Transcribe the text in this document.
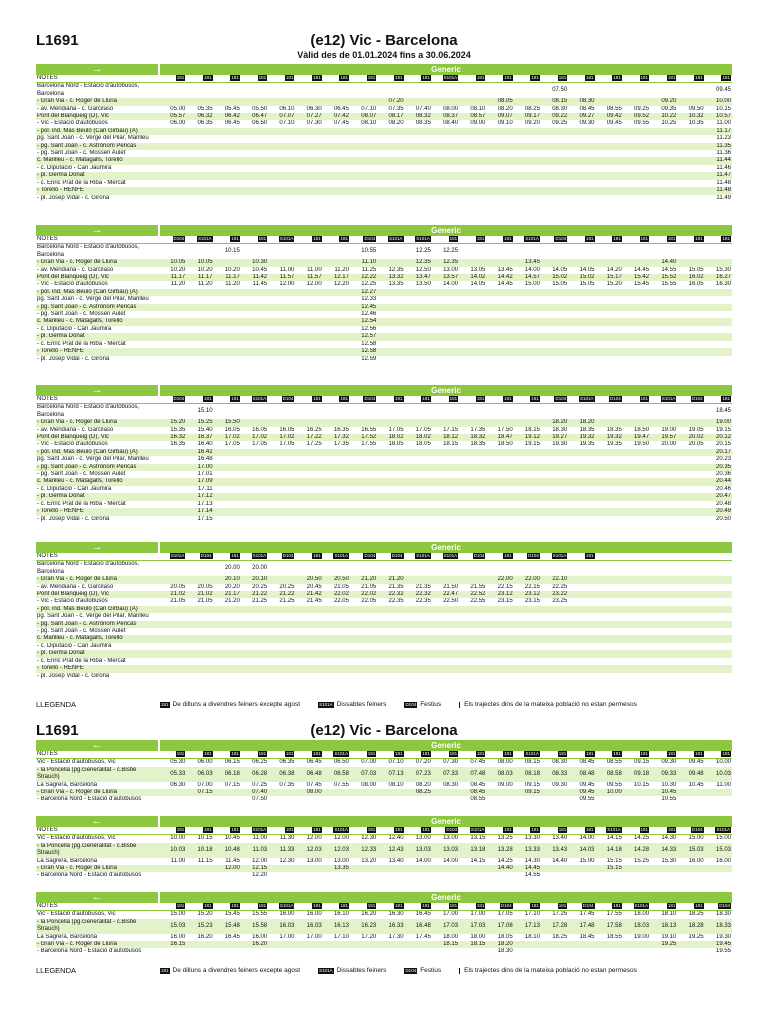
L1691	(e12) Vic - Barcelona
Vàlid des de 01.01.2024 fins a 30.06.2024
→	Generic
NOTES	181	181	181	181	181	181	181	181	181	181	S101A	181	181	181	181	181	181	181	181	181	181
Barcelona Nord - Estació d'autobusos, Barcelona															07.50						09.45
- Gran Via - c. Roger de Llúria									07.20				08.05		08.15	08.30			09.20		10.00
- av. Meridiana - c. Garcilaso	05.00	05.35	05.45	05.50	06.10	06.30	06.45	07.10	07.35	07.40	08.00	08.10	08.20	08.25	08.30	08.45	08.55	09.25	09.35	09.50	10.15
Pont del Blanqueig (D), Vic	05.57	06.32	06.42	06.47	07.07	07.27	07.42	08.07	08.17	08.32	08.37	08.57	09.07	09.17	09.22	09.27	09.42	09.52	10.22	10.32	10.57
- Vic - Estació d'autobusos	06.00	06.35	06.45	06.50	07.10	07.30	07.45	08.10	08.20	08.35	08.40	09.00	09.10	09.20	09.25	09.30	09.45	09.55	10.25	10.35	11.00
- pol. ind. Mas Beuló (Can Girbau) (A)																					11.17
pg. Sant Joan - c. Verge del Pilar, Manlleu																					11.23
- pg. Sant Joan - c. Astrònom Pericàs																					11.35
- pg. Sant Joan - c. Mossèn Aulet																					11.36
c. Manlleu - c. Matagalls, Torelló																					11.44
- c. Diputació - Can Jaumira																					11.46
- pl. Germà Donat																					11.47
- c. Enric Prat de la Riba - Mercat																					11.48
- Torelló - RENFE																					11.48
- pl. Josep Vidal - c. Girona																					11.49
→	Generic
NOTES	D104	S101A	181	181	S101A	181	181	D104	S101A	S101A	181	181	181	S101A	D104	181	181	181	181	181	181
Barcelona Nord - Estació d'autobusos, Barcelona			10.15					10.55		12.25	12.25										
- Gran Via - c. Roger de Llúria	10.05	10.05		10.30				11.10		12.35	12.35			13.45					14.40		
- av. Meridiana - c. Garcilaso	10.20	10.20	10.20	10.45	11.00	11.00	11.20	11.25	12.35	12.50	13.00	13.05	13.45	14.00	14.05	14.05	14.20	14.45	14.55	15.05	15.30
Pont del Blanqueig (D), Vic	11.17	11.17	11.17	11.42	11.57	11.57	12.17	12.22	13.32	13.47	13.57	14.02	14.42	14.57	15.02	15.02	15.17	15.42	15.52	16.02	16.27
- Vic - Estació d'autobusos	11.20	11.20	11.20	11.45	12.00	12.00	12.20	12.25	13.35	13.50	14.00	14.05	14.45	15.00	15.05	15.05	15.20	15.45	15.55	16.05	16.30
- pol. ind. Mas Beuló (Can Girbau) (A)								12.27													
pg. Sant Joan - c. Verge del Pilar, Manlleu								12.33													
- pg. Sant Joan - c. Astrònom Pericàs								12.45													
- pg. Sant Joan - c. Mossèn Aulet								12.46													
c. Manlleu - c. Matagalls, Torelló								12.54													
- c. Diputació - Can Jaumira								12.56													
- pl. Germà Donat								12.57													
- c. Enric Prat de la Riba - Mercat								12.58													
- Torelló - RENFE								12.58													
- pl. Josep Vidal - c. Girona								12.59													
→	Generic
NOTES	D104	181	181	S101A	D104	181	181	D104	181	181	181	181	181	181	D104	S101A	D104	181	S101A	D104	181
Barcelona Nord - Estació d'autobusos, Barcelona		15.10																			18.45
- Gran Via - c. Roger de Llúria	15.20	15.25	15.50												18.20	18.20					19.00
- av. Meridiana - c. Garcilaso	15.35	15.40	16.05	16.05	16.05	16.25	16.35	16.55	17.05	17.05	17.15	17.35	17.50	18.15	18.30	18.35	18.35	18.50	19.00	19.05	19.15
Pont del Blanqueig (D), Vic	16.32	16.37	17.02	17.02	17.02	17.22	17.32	17.52	18.02	18.02	18.12	18.32	18.47	19.12	19.27	19.32	19.32	19.47	19.57	20.02	20.12
- Vic - Estació d'autobusos	16.35	16.40	17.05	17.05	17.05	17.25	17.35	17.55	18.05	18.05	18.15	18.35	18.50	19.15	19.30	19.35	19.35	19.50	20.00	20.05	20.15
- pol. ind. Mas Beuló (Can Girbau) (A)		16.42																			20.17
pg. Sant Joan - c. Verge del Pilar, Manlleu		16.48																			20.23
- pg. Sant Joan - c. Astrònom Pericàs		17.00																			20.35
- pg. Sant Joan - c. Mossèn Aulet		17.01																			20.36
c. Manlleu - c. Matagalls, Torelló		17.09																			20.44
- c. Diputació - Can Jaumira		17.11																			20.46
- pl. Germà Donat		17.12																			20.47
- c. Enric Prat de la Riba - Mercat		17.13																			20.48
- Torelló - RENFE		17.14																			20.49
- pl. Josep Vidal - c. Girona		17.15																			20.50
→	Generic
NOTES	S101A	D104	181	S101A	D104	181	S101A	D104	D104	S101A	S101A	D104	181	D104	S101A	181					
Barcelona Nord - Estació d'autobusos, Barcelona			20.00	20.00																	
- Gran Via - c. Roger de Llúria			20.10	20.10		20.50	20.50	21.20	21.20				22.00	22.00	22.10						
- av. Meridiana - c. Garcilaso	20.05	20.05	20.20	20.25	20.25	20.45	21.05	21.05	21.35	21.35	21.50	21.55	22.15	22.15	22.25						
Pont del Blanqueig (D), Vic	21.02	21.02	21.17	21.22	21.22	21.42	22.02	22.02	22.32	22.32	22.47	22.52	23.12	23.12	23.22						
- Vic - Estació d'autobusos	21.05	21.05	21.20	21.25	21.25	21.45	22.05	22.05	22.35	22.35	22.50	22.55	23.15	23.15	23.25						
- pol. ind. Mas Beuló (Can Girbau) (A)																					
pg. Sant Joan - c. Verge del Pilar, Manlleu																					
- pg. Sant Joan - c. Astrònom Pericàs																					
- pg. Sant Joan - c. Mossèn Aulet																					
c. Manlleu - c. Matagalls, Torelló																					
- c. Diputació - Can Jaumira																					
- pl. Germà Donat																					
- c. Enric Prat de la Riba - Mercat																					
- Torelló - RENFE																					
- pl. Josep Vidal - c. Girona																					
LLEGENDA	181De dilluns a divendres feiners excepte agost	S101ADissabtes feiners	D104Festius	Els trajectes dins de la mateixa població no estan permesos
L1691	(e12) Vic - Barcelona
←	Generic
NOTES	181	181	181	181	181	181	S101A	181	181	181	181	181	181	S101A	181	181	181	181	181	181	181
Vic - Estació d'autobusos, Vic	05.30	06.00	06.15	06.25	06.35	06.45	06.50	07.00	07.10	07.20	07.30	07.45	08.00	08.15	08.30	08.45	08.55	09.15	09.30	09.45	10.00
- la Poncella (pg.Generalitat - c.Bisbe Strauch)	05.33	06.03	06.18	06.28	06.38	06.48	06.58	07.03	07.13	07.23	07.33	07.48	08.03	08.18	08.33	08.48	08.58	09.18	09.33	09.48	10.03
La Sagrera, Barcelona	06.30	07.00	07.15	07.25	07.35	07.45	07.55	08.00	08.10	08.20	08.30	08.45	09.00	09.15	09.30	09.45	09.55	10.15	10.30	10.45	11.00
- Gran Via - c. Roger de Llúria		07.15		07.40		08.00				08.25		08.45		09.15		09.45	10.00		10.45		
- Barcelona Nord - Estació d'autobusos				07.50								08.55				09.55			10.55		
←	Generic
NOTES	181	181	181	S101A	181	181	S101A	181	181	181	D104	S101A	181	181	181	181	S101A	181	181	D104	S101A
Vic - Estació d'autobusos, Vic	10.00	10.15	10.45	11.00	11.30	12.00	12.00	12.30	12.40	13.00	13.00	13.15	13.25	13.30	13.40	14.00	14.15	14.25	14.30	15.00	15.00
- la Poncella (pg.Generalitat - c.Bisbe Strauch)	10.03	10.18	10.48	11.03	11.33	12.03	12.03	12.33	12.43	13.03	13.03	13.18	13.28	13.33	13.43	14.03	14.18	14.28	14.33	15.03	15.03
La Sagrera, Barcelona	11.00	11.15	11.45	12.00	12.30	13.00	13.00	13.20	13.40	14.00	14.00	14.15	14.25	14.30	14.40	15.00	15.15	15.25	15.30	16.00	16.00
- Gran Via - c. Roger de Llúria			12.00	12.15			13.35						14.40	14.45			15.15				
- Barcelona Nord - Estació d'autobusos				12.20										14.55							
←	Generic
NOTES	181	181	181	181	S101A	181	181	181	181	181	181	181	D104	181	181	D104	181	S101A	181	181	D104
Vic - Estació d'autobusos, Vic	15.00	15.20	15.45	15.55	16.00	16.00	16.10	16.20	16.30	16.45	17.00	17.00	17.05	17.10	17.25	17.45	17.55	18.00	18.10	18.25	18.30
- la Poncella (pg.Generalitat - c.Bisbe Strauch)	15.03	15.23	15.48	15.58	16.03	16.03	16.13	16.23	16.33	16.48	17.03	17.03	17.08	17.13	17.28	17.48	17.58	18.03	18.13	18.28	18.33
La Sagrera, Barcelona	16.00	16.20	16.45	16.00	17.00	17.00	17.10	17.20	17.30	17.45	18.00	18.00	18.05	18.10	18.25	18.45	18.55	19.00	19.10	19.25	19.30
- Gran Via - c. Roger de Llúria	16.15			16.20							18.15	18.15	18.20						19.25		19.45
- Barcelona Nord - Estació d'autobusos													18.30								19.55
LLEGENDA	181De dilluns a divendres feiners excepte agost	S101ADissabtes feiners	D104Festius	Els trajectes dins de la mateixa població no estan permesos
